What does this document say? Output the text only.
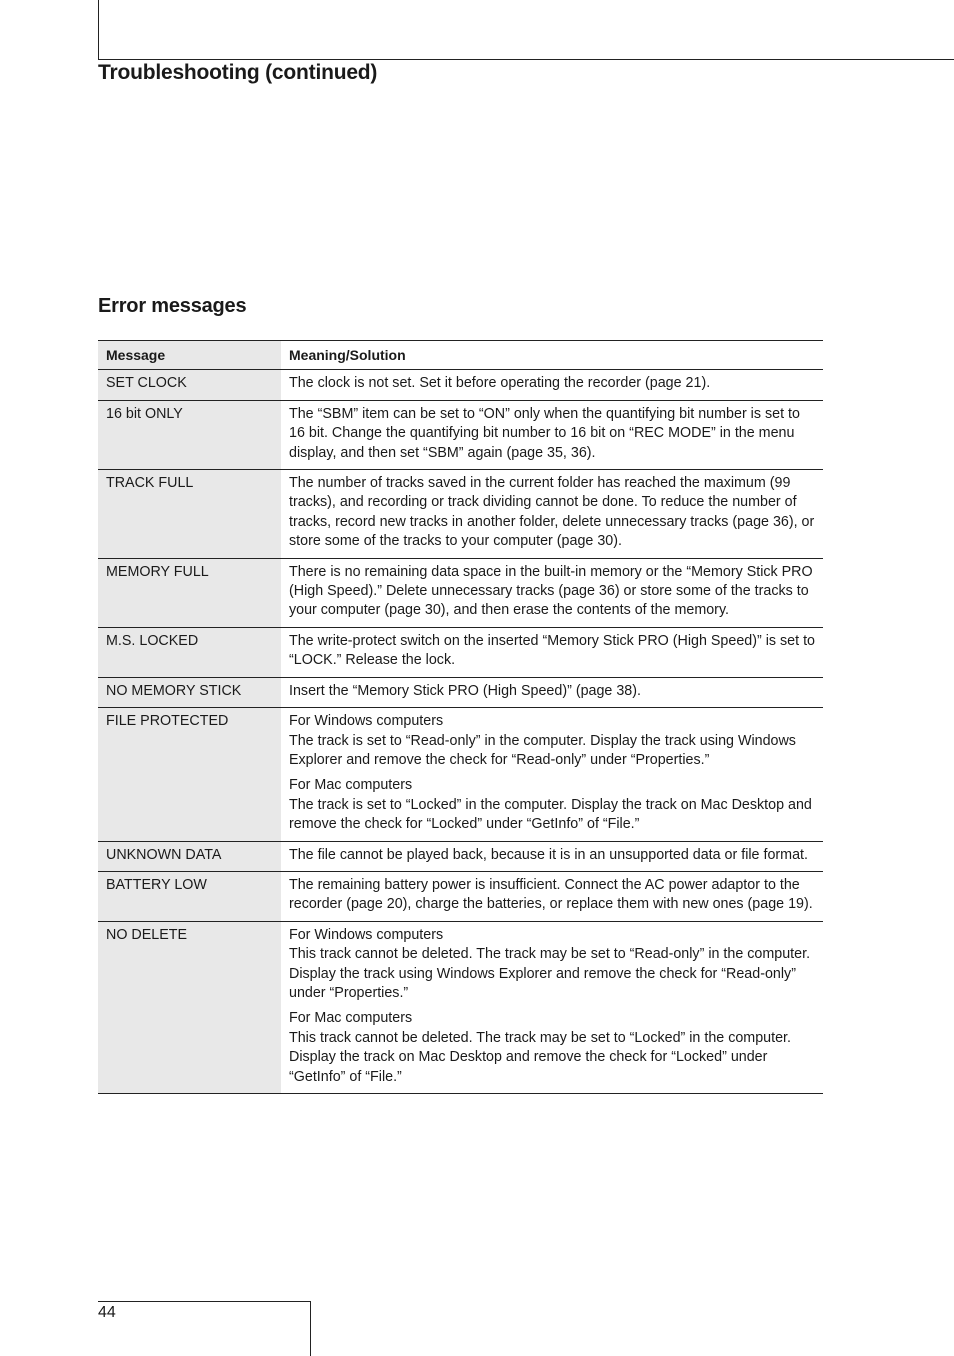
Troubleshooting (continued)
Error messages
Message	Meaning/Solution
SET CLOCK	The clock is not set. Set it before operating the recorder (page 21).

16 bit ONLY	The “SBM” item can be set to “ON” only when the quantifying bit number is set to 16 bit. Change the quantifying bit number to 16 bit on “REC MODE” in the menu display, and then set “SBM” again (page 35, 36).

TRACK FULL	The number of tracks saved in the current folder has reached the maximum (99 tracks), and recording or track dividing cannot be done. To reduce the number of tracks, record new tracks in another folder, delete unnecessary tracks (page 36), or store some of the tracks to your computer (page 30).

MEMORY FULL	There is no remaining data space in the built-in memory or the “Memory Stick PRO (High Speed).” Delete unnecessary tracks (page 36) or store some of the tracks to your computer (page 30), and then erase the contents of the memory.

M.S. LOCKED	The write-protect switch on the inserted “Memory Stick PRO (High Speed)” is set to “LOCK.” Release the lock.

NO MEMORY STICK	Insert the “Memory Stick PRO (High Speed)” (page 38).

FILE PROTECTED	For Windows computers
The track is set to “Read-only” in the computer. Display the track using Windows Explorer and remove the check for “Read-only” under “Properties.”
For Mac computers
The track is set to “Locked” in the computer. Display the track on Mac Desktop and remove the check for “Locked” under “GetInfo” of “File.”

UNKNOWN DATA	The file cannot be played back, because it is in an unsupported data or file format.

BATTERY LOW	The remaining battery power is insufficient. Connect the AC power adaptor to the recorder (page 20), charge the batteries, or replace them with new ones (page 19).

NO DELETE	For Windows computers
This track cannot be deleted. The track may be set to “Read-only” in the computer. Display the track using Windows Explorer and remove the check for “Read-only” under “Properties.”
For Mac computers
This track cannot be deleted. The track may be set to “Locked” in the computer. Display the track on Mac Desktop and remove the check for “Locked” under “GetInfo” of “File.”
44
